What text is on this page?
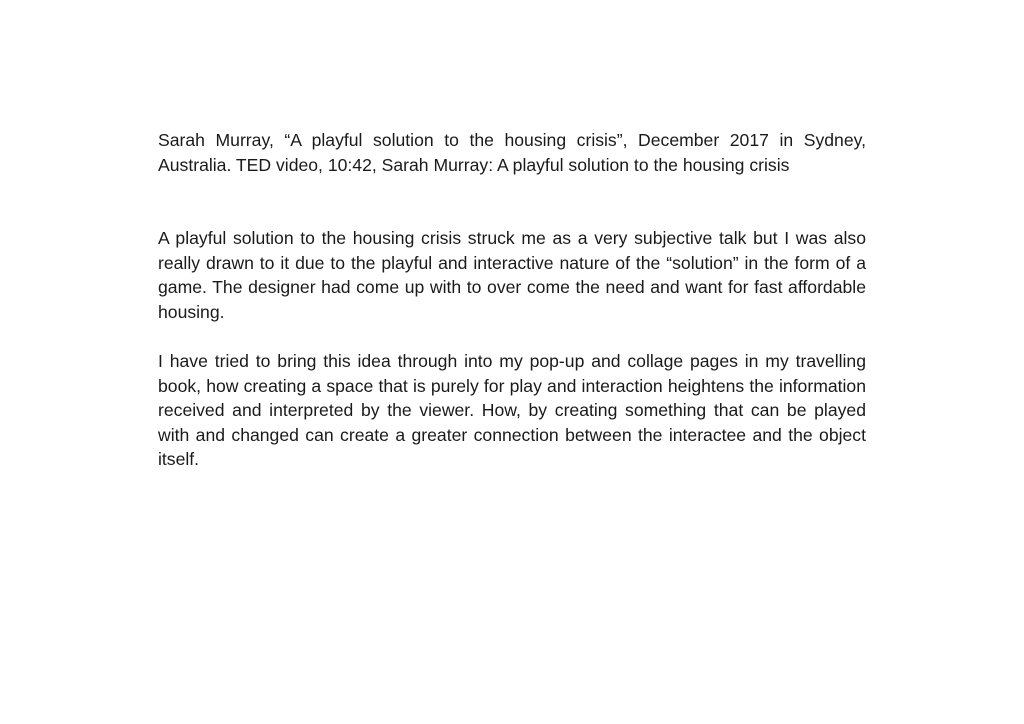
Sarah Murray, “A playful solution to the housing crisis”, December 2017 in Sydney, Australia. TED video, 10:42, Sarah Murray: A playful solution to the housing crisis

A playful solution to the housing crisis struck me as a very subjective talk but I was also really drawn to it due to the playful and interactive nature of the “solution” in the form of a game. The designer had come up with to over come the need and want for fast affordable housing.

I have tried to bring this idea through into my pop-up and collage pages in my travelling book, how creating a space that is purely for play and interaction heightens the information received and interpreted by the viewer. How, by creating something that can be played with and changed can create a greater connection between the interactee and the object itself.
